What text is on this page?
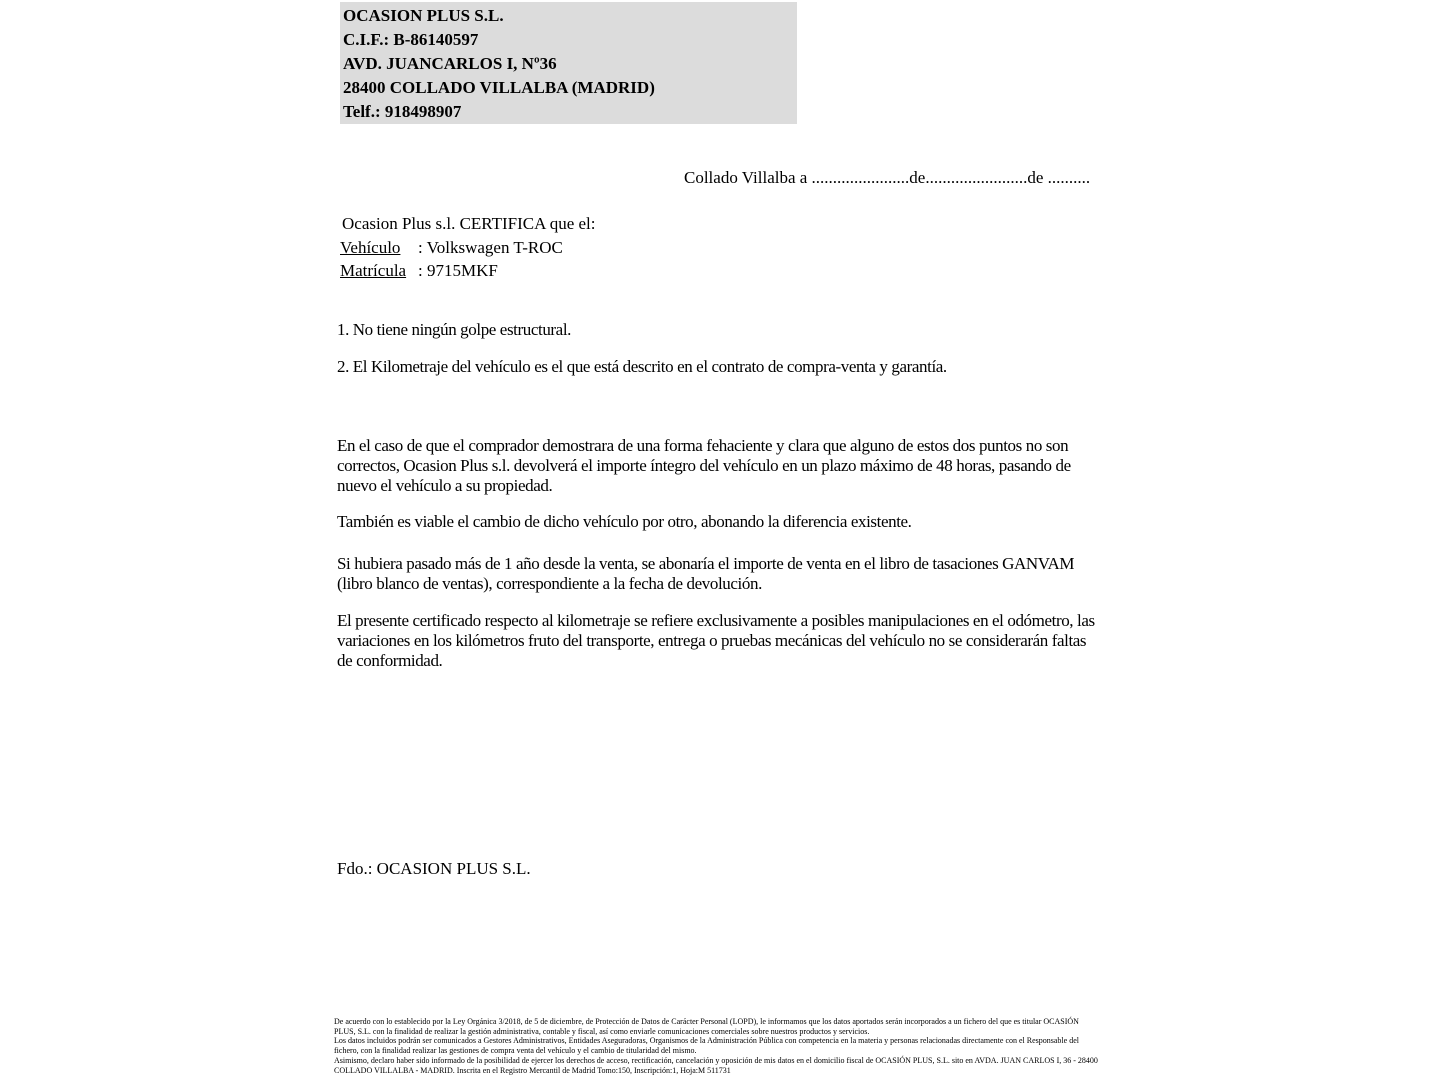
OCASION PLUS S.L.
C.I.F.: B-86140597
AVD. JUANCARLOS I, Nº36
28400 COLLADO VILLALBA (MADRID)
Telf.: 918498907
Collado Villalba a .......................de........................de ..........
Ocasion Plus s.l. CERTIFICA que el:
Vehículo : Volkswagen T-ROC
Matrícula : 9715MKF
1. No tiene ningún golpe estructural.
2. El Kilometraje del vehículo es el que está descrito en el contrato de compra-venta y garantía.
En el caso de que el comprador demostrara de una forma fehaciente y clara que alguno de estos dos puntos no son correctos, Ocasion Plus s.l. devolverá el importe íntegro del vehículo en un plazo máximo de 48 horas, pasando de nuevo el vehículo a su propiedad.
También es viable el cambio de dicho vehículo por otro, abonando la diferencia existente.
Si hubiera pasado más de 1 año desde la venta, se abonaría el importe de venta en el libro de tasaciones GANVAM (libro blanco de ventas), correspondiente a la fecha de devolución.
El presente certificado respecto al kilometraje se refiere exclusivamente a posibles manipulaciones en el odómetro, las variaciones en los kilómetros fruto del transporte, entrega o pruebas mecánicas del vehículo no se considerarán faltas de conformidad.
Fdo.: OCASION PLUS S.L.
De acuerdo con lo establecido por la Ley Orgánica 3/2018, de 5 de diciembre, de Protección de Datos de Carácter Personal (LOPD), le informamos que los datos aportados serán incorporados a un fichero del que es titular OCASIÓN PLUS, S.L. con la finalidad de realizar la gestión administrativa, contable y fiscal, así como enviarle comunicaciones comerciales sobre nuestros productos y servicios.
Los datos incluidos podrán ser comunicados a Gestores Administrativos, Entidades Aseguradoras, Organismos de la Administración Pública con competencia en la materia y personas relacionadas directamente con el Responsable del fichero, con la finalidad realizar las gestiones de compra venta del vehículo y el cambio de titularidad del mismo.
Asimismo, declaro haber sido informado de la posibilidad de ejercer los derechos de acceso, rectificación, cancelación y oposición de mis datos en el domicilio fiscal de OCASIÓN PLUS, S.L. sito en AVDA. JUAN CARLOS I, 36 - 28400 COLLADO VILLALBA - MADRID. Inscrita en el Registro Mercantil de Madrid Tomo:150, Inscripción:1, Hoja:M 511731
